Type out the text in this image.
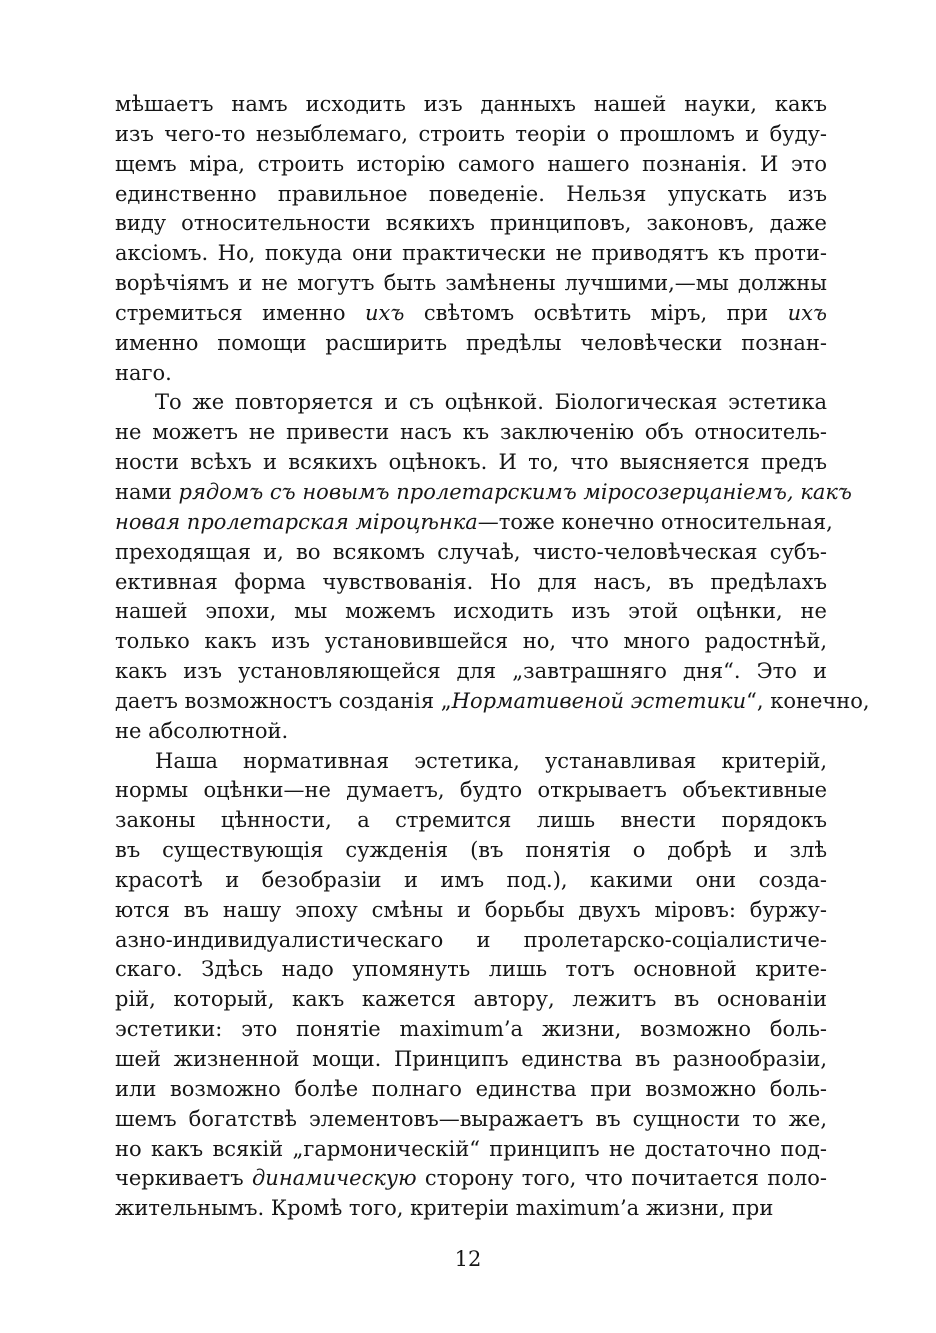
мѣшаетъ намъ исходить изъ данныхъ нашей науки, какъ
изъ чего-то незыблемаго, строить теоріи о прошломъ и буду-
щемъ міра, строить исторію самого нашего познанія. И это
единственно правильное поведеніе. Нельзя упускать изъ
виду относительности всякихъ принциповъ, законовъ, даже
аксіомъ. Но, покуда они практически не приводятъ къ проти-
ворѣчіямъ и не могутъ быть замѣнены лучшими,—мы должны
стремиться именно ихъ свѣтомъ освѣтить міръ, при ихъ
именно помощи расширить предѣлы человѣчески познан-
наго.
То же повторяется и съ оцѣнкой. Біологическая эстетика
не можетъ не привести насъ къ заключенію объ относитель-
ности всѣхъ и всякихъ оцѣнокъ. И то, что выясняется предъ
нами рядомъ съ новымъ пролетарскимъ міросозерцаніемъ, какъ
новая пролетарская міроцѣнка—тоже конечно относительная,
преходящая и, во всякомъ случаѣ, чисто-человѣческая субъ-
ективная форма чувствованія. Но для насъ, въ предѣлахъ
нашей эпохи, мы можемъ исходить изъ этой оцѣнки, не
только какъ изъ установившейся но, что много радостнѣй,
какъ изъ установляющейся для „завтрашняго дня“. Это и
даетъ возможностъ созданія „Нормативеной эстетики“, конечно,
не абсолютной.
Наша нормативная эстетика, устанавливая критерій,
нормы оцѣнки—не думаетъ, будто открываетъ объективные
законы цѣнности, а стремится лишь внести порядокъ
въ существующія сужденія (въ понятія о добрѣ и злѣ
красотѣ и безобразіи и имъ под.), какими они созда-
ются въ нашу эпоху смѣны и борьбы двухъ міровъ: буржу-
азно-индивидуалистическаго и пролетарско-соціалистиче-
скаго. Здѣсь надо упомянуть лишь тотъ основной крите-
рій, который, какъ кажется автору, лежитъ въ основаніи
эстетики: это понятіе maximum’а жизни, возможно боль-
шей жизненной мощи. Принципъ единства въ разнообразіи,
или возможно болѣе полнаго единства при возможно боль-
шемъ богатствѣ элементовъ—выражаетъ въ сущности то же,
но какъ всякій „гармоническій“ принципъ не достаточно под-
черкиваетъ динамическую сторону того, что почитается поло-
жительнымъ. Кромѣ того, критеріи maximum’а жизни, при
12
